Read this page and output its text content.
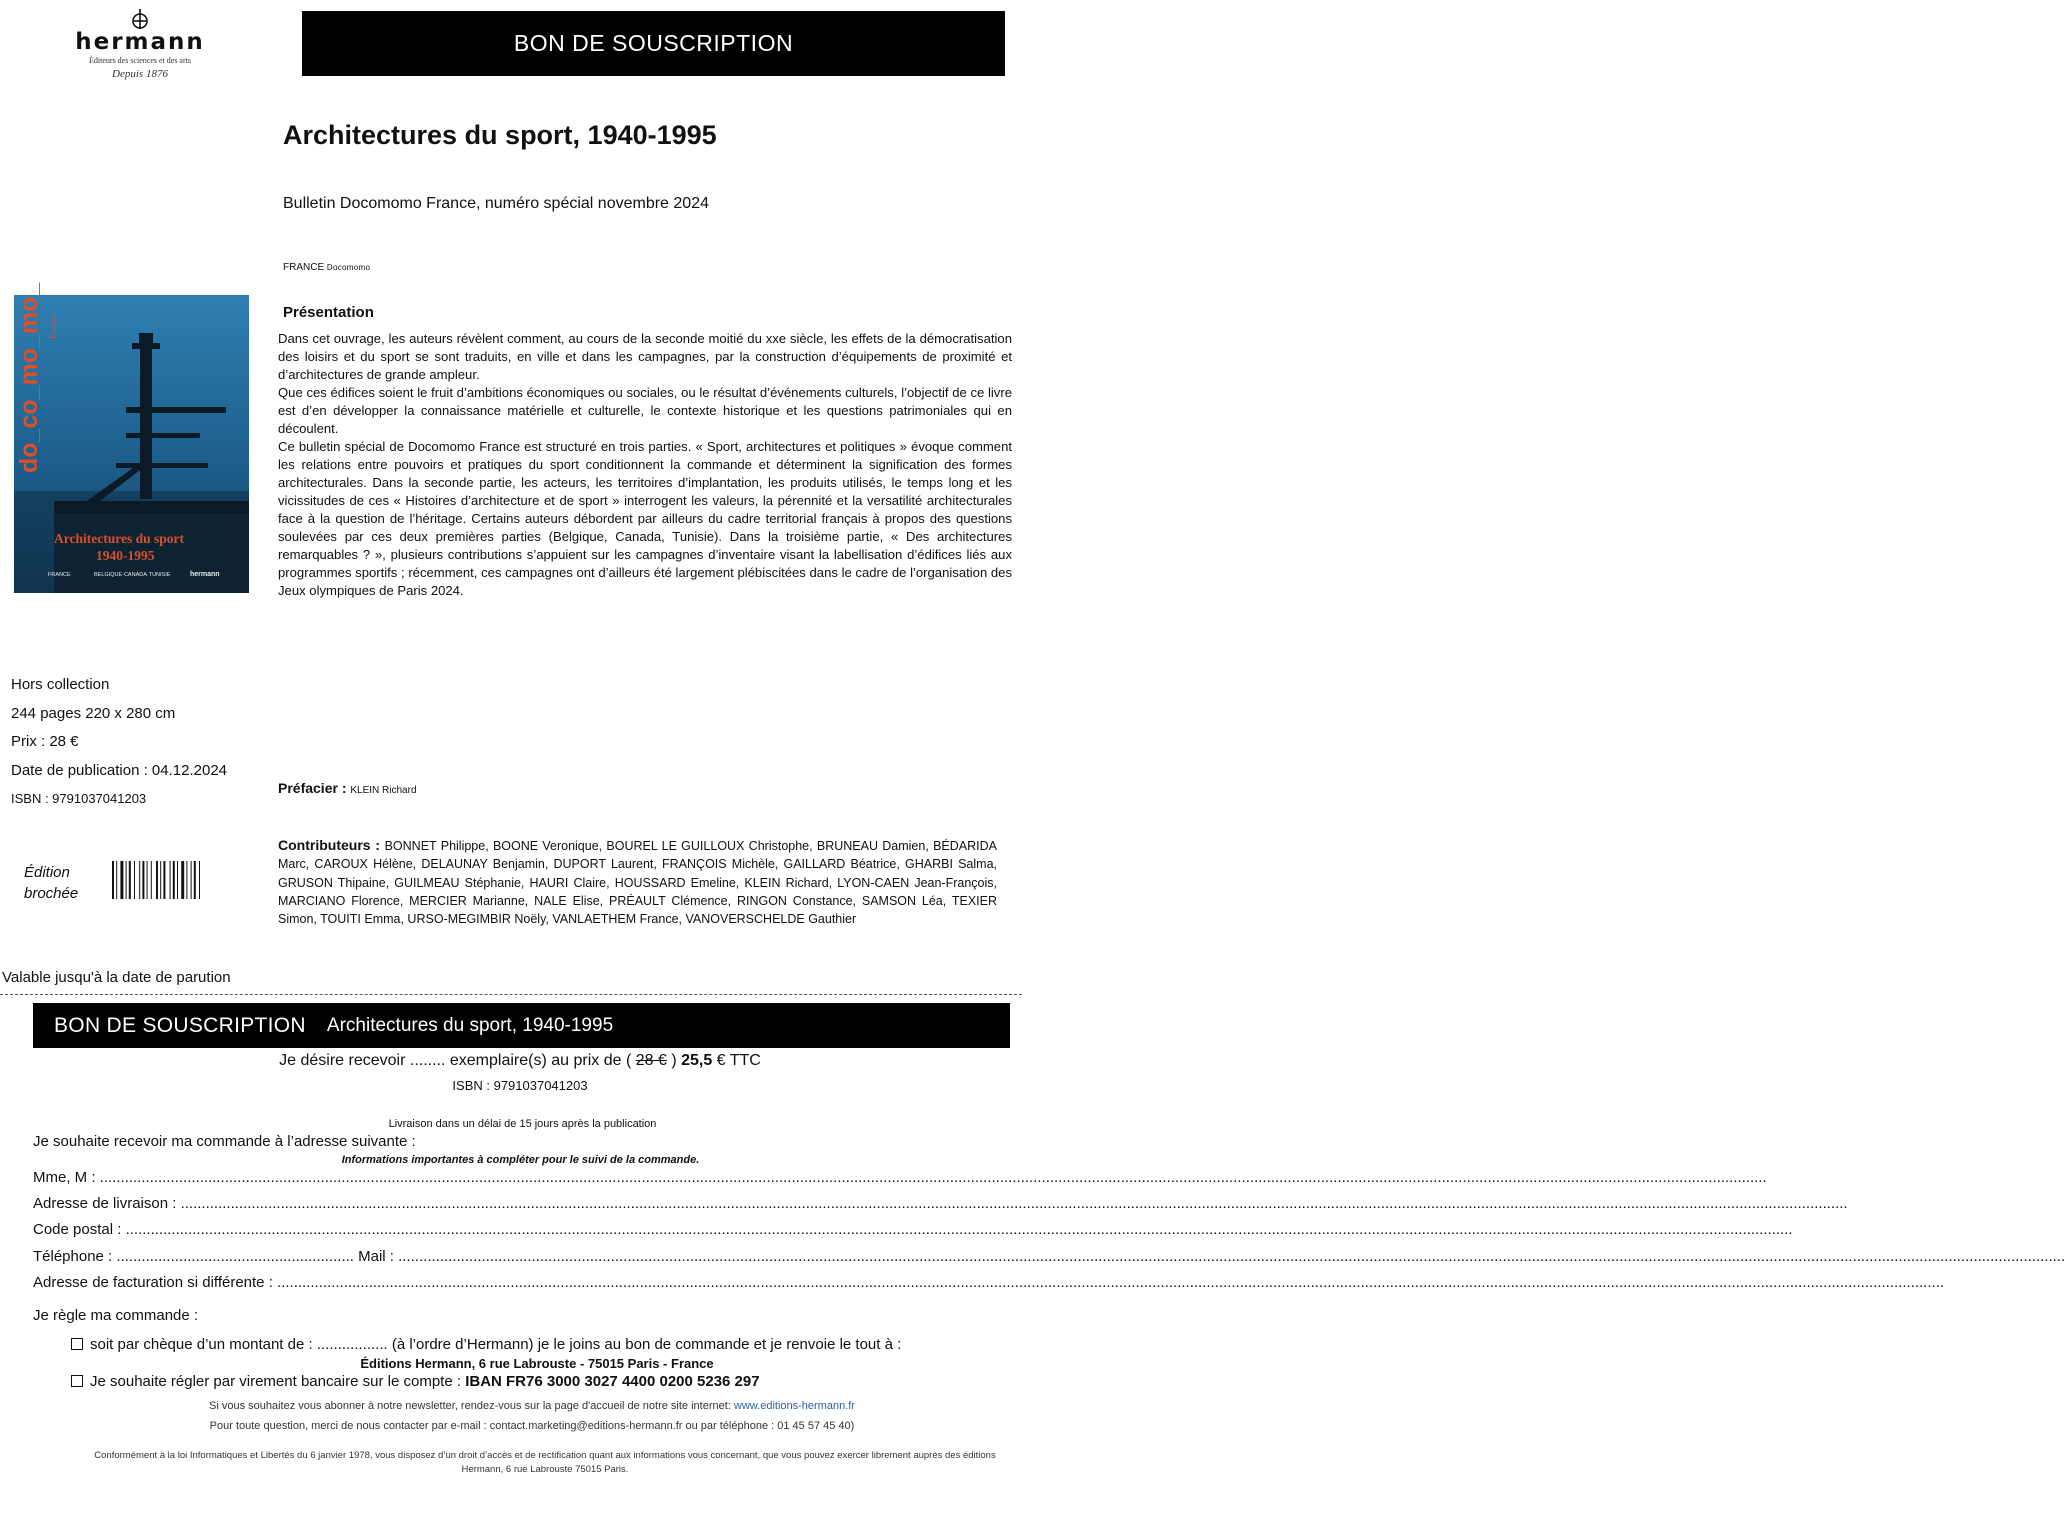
hermann
Éditeurs des sciences et des arts
Depuis 1876
BON DE SOUSCRIPTION
Architectures du sport, 1940-1995
Bulletin Docomomo France, numéro spécial novembre 2024
FRANCE Docomomo
do_co_mo_mo_ France
Architectures du sport
1940-1995
FRANCE	BELGIQUE·CANADA·TUNISIE	hermann
Présentation

Dans cet ouvrage, les auteurs révèlent comment, au cours de la seconde moitié du xxe siècle, les effets de la démocratisation des loisirs et du sport se sont traduits, en ville et dans les campagnes, par la construction d’équipements de proximité et d’architectures de grande ampleur.

Que ces édifices soient le fruit d’ambitions économiques ou sociales, ou le résultat d’événements culturels, l’objectif de ce livre est d’en développer la connaissance matérielle et culturelle, le contexte historique et les questions patrimoniales qui en découlent.

Ce bulletin spécial de Docomomo France est structuré en trois parties. « Sport, architectures et politiques » évoque comment les relations entre pouvoirs et pratiques du sport conditionnent la commande et déterminent la signification des formes architecturales. Dans la seconde partie, les acteurs, les territoires d’implantation, les produits utilisés, le temps long et les vicissitudes de ces « Histoires d’architecture et de sport » interrogent les valeurs, la pérennité et la versatilité architecturales face à la question de l’héritage. Certains auteurs débordent par ailleurs du cadre territorial français à propos des questions soulevées par ces deux premières parties (Belgique, Canada, Tunisie). Dans la troisième partie, « Des architectures remarquables ? », plusieurs contributions s’appuient sur les campagnes d’inventaire visant la labellisation d’édifices liés aux programmes sportifs ; récemment, ces campagnes ont d’ailleurs été largement plébiscitées dans le cadre de l’organisation des Jeux olympiques de Paris 2024.

Hors collection
244 pages 220 x 280 cm
Prix : 28 €
Date de publication : 04.12.2024
ISBN : 9791037041203
Édition
brochée
Préfacier : KLEIN Richard
Contributeurs : BONNET Philippe, BOONE Veronique, BOUREL LE GUILLOUX Christophe, BRUNEAU Damien, BÉDARIDA Marc, CAROUX Hélène, DELAUNAY Benjamin, DUPORT Laurent, FRANÇOIS Michèle, GAILLARD Béatrice, GHARBI Salma, GRUSON Thipaine, GUILMEAU Stéphanie, HAURI Claire, HOUSSARD Emeline, KLEIN Richard, LYON-CAEN Jean-François, MARCIANO Florence, MERCIER Marianne, NALE Elise, PRÉAULT Clémence, RINGON Constance, SAMSON Léa, TEXIER Simon, TOUITI Emma, URSO-MEGIMBIR Noëly, VANLAETHEM France, VANOVERSCHELDE Gauthier
Valable jusqu'à la date de parution
BON DE SOUSCRIPTION Architectures du sport, 1940-1995
Je désire recevoir ........ exemplaire(s) au prix de ( 28 € ) 25,5 € TTC
ISBN : 9791037041203
Livraison dans un délai de 15 jours après la publication
Je souhaite recevoir ma commande à l’adresse suivante :
Informations importantes à compléter pour le suivi de la commande.
Mme, M : ................................................................................................................................................................................................................................................................................................................................................................................................................
Adresse de livraison : ................................................................................................................................................................................................................................................................................................................................................................................................................
Code postal : ................................................................................................................................................................................................................................................................................................................................................................................................................
Téléphone : ......................................................... Mail : ................................................................................................................................................................................................................................................................................................................................................................................................................
Adresse de facturation si différente : ................................................................................................................................................................................................................................................................................................................................................................................................................
Je règle ma commande :
soit par chèque d’un montant de : ................. (à l’ordre d’Hermann) je le joins au bon de commande et je renvoie le tout à :
Éditions Hermann, 6 rue Labrouste - 75015 Paris - France
Je souhaite régler par virement bancaire sur le compte : IBAN FR76 3000 3027 4400 0200 5236 297
Si vous souhaitez vous abonner à notre newsletter, rendez-vous sur la page d'accueil de notre site internet: www.editions-hermann.fr
Pour toute question, merci de nous contacter par e-mail : contact.marketing@editions-hermann.fr ou par téléphone : 01 45 57 45 40)
Conformément à la loi Informatiques et Libertés du 6 janvier 1978, vous disposez d’un droit d’accès et de rectification quant aux informations vous concernant, que vous pouvez exercer librement auprès des éditions Hermann, 6 rue Labrouste 75015 Paris.
